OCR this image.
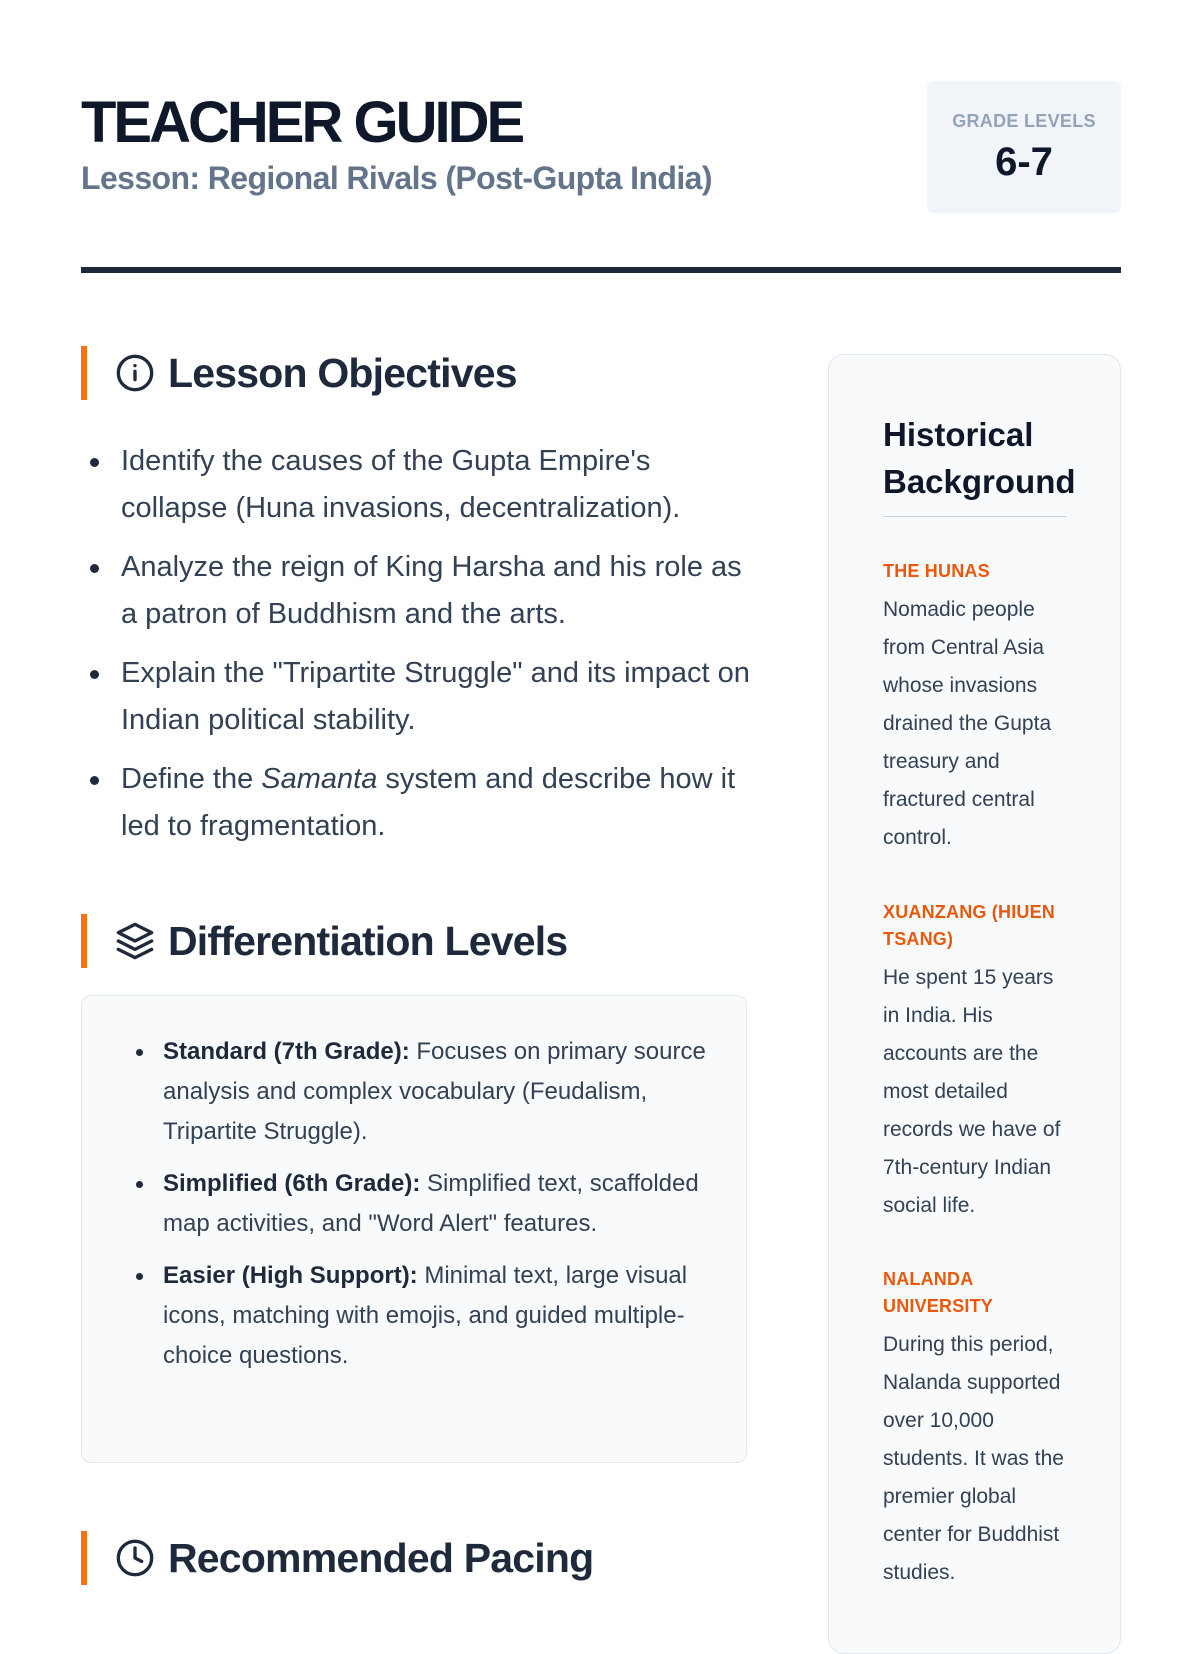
TEACHER GUIDE

Lesson: Regional Rivals (Post-Gupta India)

GRADE LEVELS
6-7
Lesson Objectives
Identify the causes of the Gupta Empire's collapse (Huna invasions, decentralization).
Analyze the reign of King Harsha and his role as a patron of Buddhism and the arts.
Explain the "Tripartite Struggle" and its impact on Indian political stability.
Define the Samanta system and describe how it led to fragmentation.
Differentiation Levels
Standard (7th Grade): Focuses on primary source analysis and complex vocabulary (Feudalism, Tripartite Struggle).
Simplified (6th Grade): Simplified text, scaffolded map activities, and "Word Alert" features.
Easier (High Support): Minimal text, large visual icons, matching with emojis, and guided multiple-choice questions.
Recommended Pacing
Historical Background

THE HUNAS

Nomadic people from Central Asia whose invasions drained the Gupta treasury and fractured central control.

XUANZANG (HIUEN TSANG)

He spent 15 years in India. His accounts are the most detailed records we have of 7th-century Indian social life.

NALANDA UNIVERSITY

During this period, Nalanda supported over 10,000 students. It was the premier global center for Buddhist studies.
